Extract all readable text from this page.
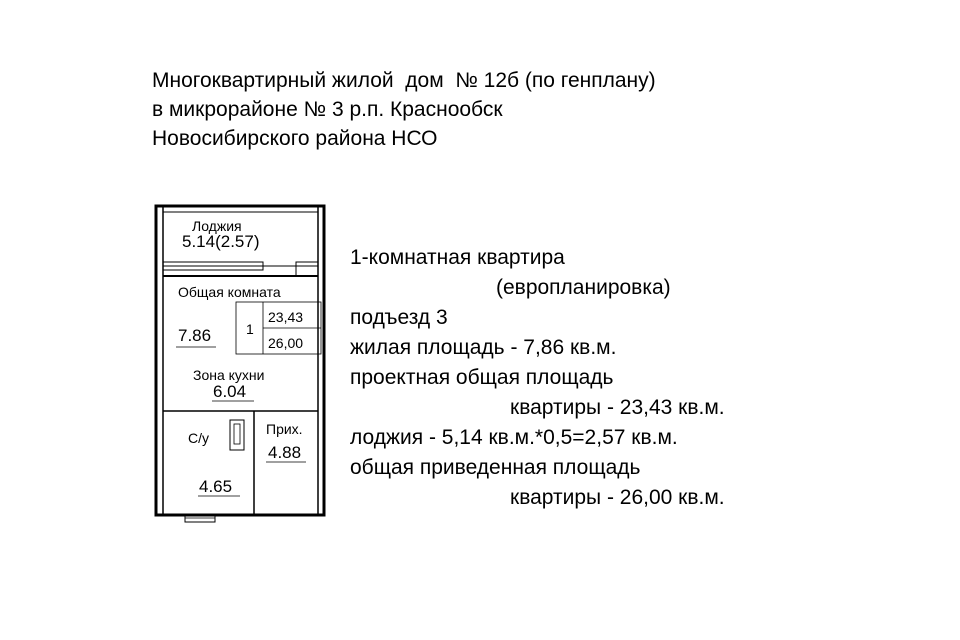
Многоквартирный жилой  дом  № 12б (по генплану)
в микрорайоне № 3 р.п. Краснообск
Новосибирского района НСО
Лоджия
5.14(2.57)
Общая комната
7.86 1
23,43
26,00
Зона кухни
6.04
С/у
Прих.
4.88
4.65
1-комнатная квартира
(европланировка)
подъезд 3
жилая площадь - 7,86 кв.м.
проектная общая площадь
квартиры - 23,43 кв.м.
лоджия - 5,14 кв.м.*0,5=2,57 кв.м.
общая приведенная площадь
квартиры - 26,00 кв.м.
